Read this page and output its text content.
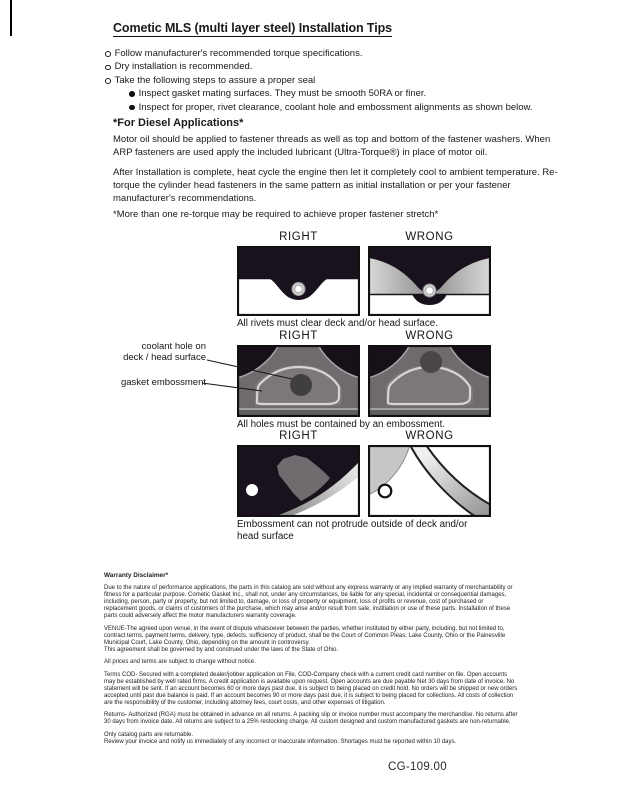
Cometic MLS (multi layer steel) Installation Tips
Follow manufacturer's recommended torque specifications.
Dry installation is recommended.
Take the following steps to assure a proper seal
Inspect gasket mating surfaces. They must be smooth 50RA or finer.
Inspect for proper, rivet clearance, coolant hole and embossment alignments as shown below.
*For Diesel Applications*
Motor oil should be applied to fastener threads as well as top and bottom of the fastener washers. When ARP fasteners are used apply the included lubricant (Ultra-Torque®) in place of motor oil.
After Installation is complete, heat cycle the engine then let it completely cool to ambient temperature. Re-torque the cylinder head fasteners in the same pattern as initial installation or per your fastener manufacturer's recommendations.
*More than one re-torque may be required to achieve proper fastener stretch*
RIGHT	WRONG
All rivets must clear deck and/or head surface.
RIGHT	WRONG
All holes must be contained by an embossment.
coolant hole on
deck / head surface
gasket embossment
RIGHT	WRONG
Embossment can not protrude outside of deck and/or head surface
Warranty Disclaimer*

Due to the nature of performance applications, the parts in this catalog are sold without any express warranty or any implied warranty of merchantability or fitness for a particular purpose. Cometic Gasket Inc., shall not, under any circumstances, be liable for any special, incidental or consequential damages, including, person, party or property, but not limited to, damage, or loss of property or equipment, loss of profits or revenue, cost of purchased or replacement goods, or claims of customers of the purchase, which may arise and/or result from sale, instillation or use of these parts. Installation of these parts could adversely affect the motor manufacturers warranty coverage.

VENUE-The agreed upon venue, in the event of dispute whatsoever between the parties, whether instituted by either party, including, but not limited to, contract terms, payment terms, delivery, type, defects, sufficiency of product, shall be the Court of Common Pleas, Lake County, Ohio or the Painesville Municipal Court, Lake County, Ohio, depending on the amount in controversy.

This agreement shall be governed by and construed under the laws of the State of Ohio.

All prices and terms are subject to change without notice.

Terms COD- Secured with a completed dealer/jobber application on File, COD-Company check with a current credit card number on file. Open accounts may be established by well rated firms. A credit application is available upon request. Open accounts are due payable Net 30 days from date of invoice. No statement will be sent. If an account becomes 60 or more days past due, it is subject to being placed on credit hold. No orders will be shipped or new orders accepted until past due balance is paid. If an account becomes 90 or more days past due, it is subject to being placed for collections. All costs of collection are the responsibility of the customer, including attorney fees, court costs, and other expenses of litigation.

Returns- Authorized (RGA) must be obtained in advance on all returns. A packing slip or invoice number must accompany the merchandise. No returns after 30 days from invoice date. All returns are subject to a 25% restocking charge. All custom designed and custom manufactured gaskets are non-returnable.

Only catalog parts are returnable.

Review your invoice and notify us immediately of any incorrect or inaccurate information. Shortages must be reported within 10 days.

CG-109.00
